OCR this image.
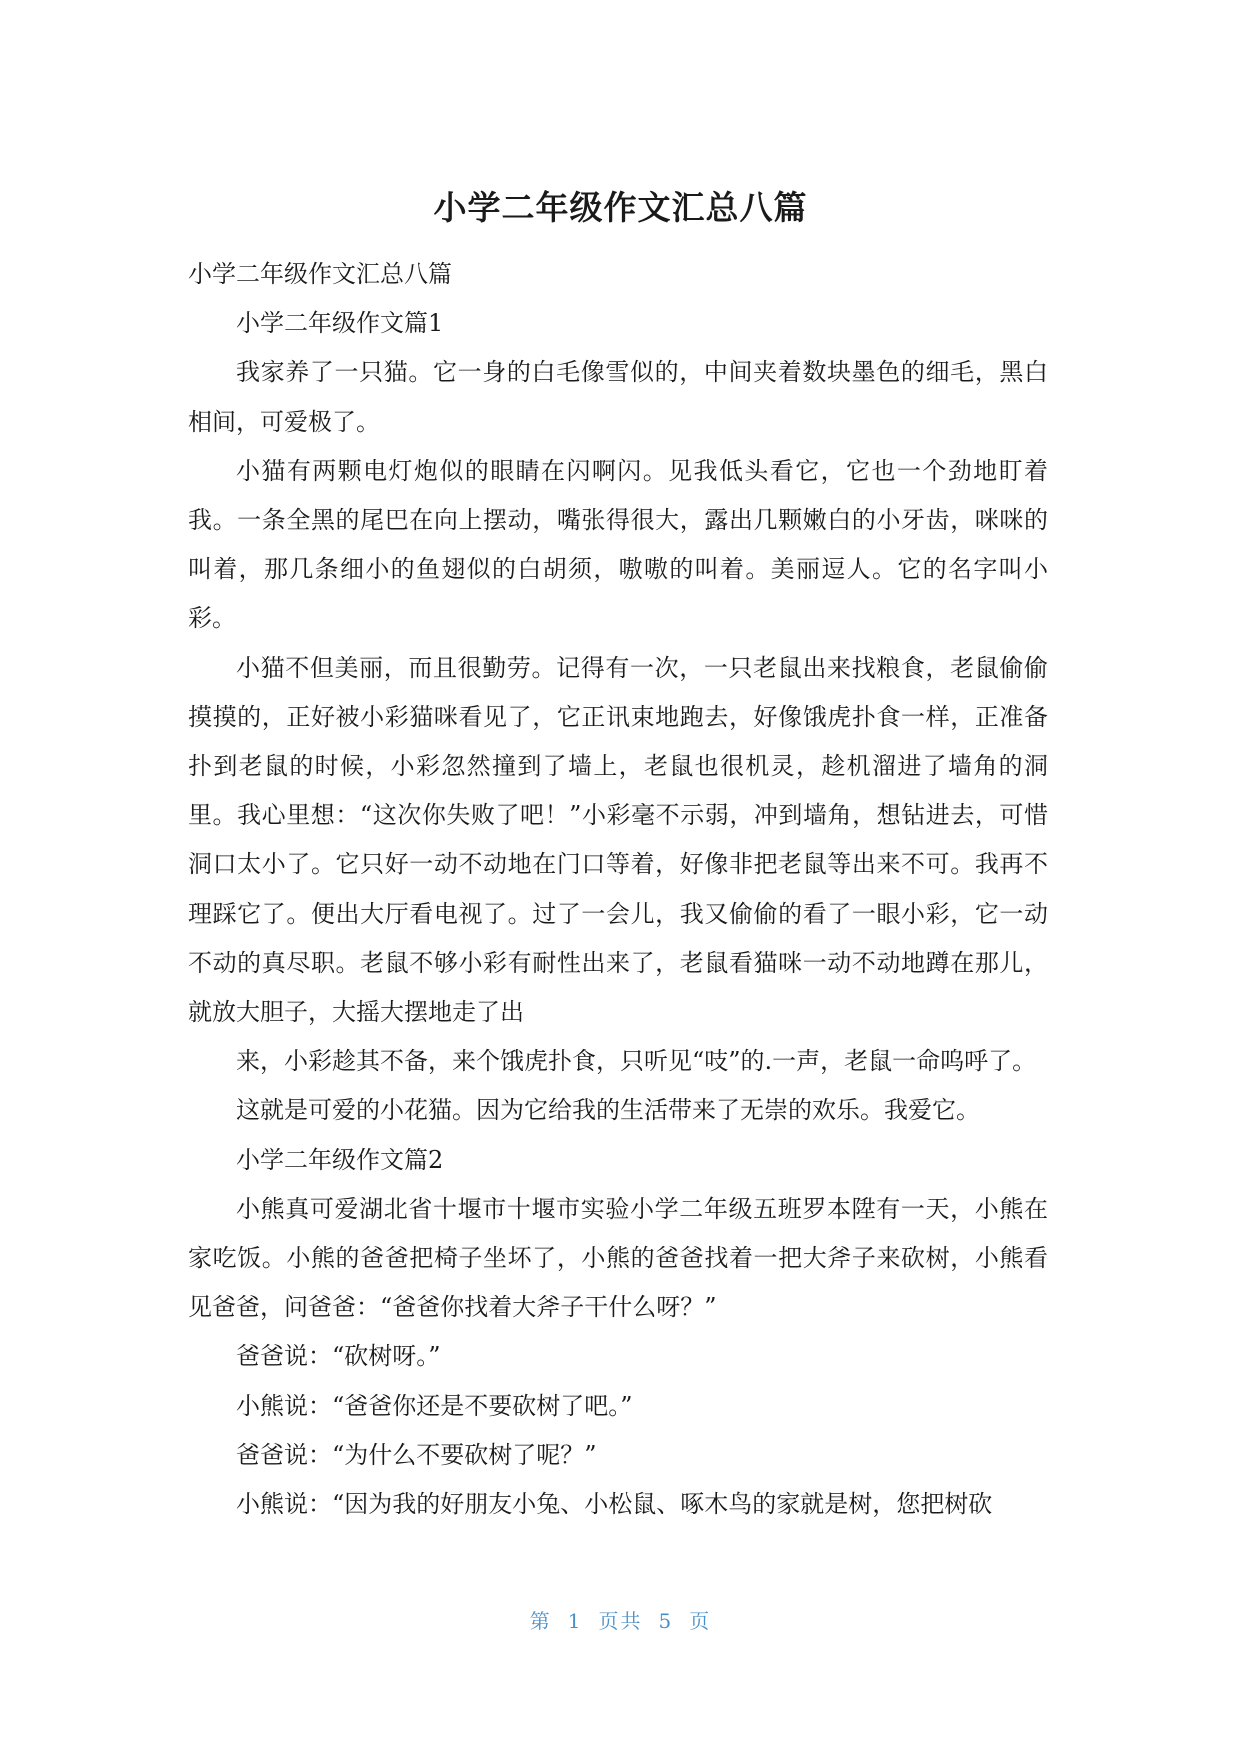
小学二年级作文汇总八篇

小学二年级作文汇总八篇

小学二年级作文篇1

我家养了一只猫。它一身的白毛像雪似的，中间夹着数块墨色的细毛，黑白相间，可爱极了。

小猫有两颗电灯炮似的眼睛在闪啊闪。见我低头看它，它也一个劲地盯着我。一条全黑的尾巴在向上摆动，嘴张得很大，露出几颗嫩白的小牙齿，咪咪的叫着，那几条细小的鱼翅似的白胡须，嗷嗷的叫着。美丽逗人。它的名字叫小彩。

小猫不但美丽，而且很勤劳。记得有一次，一只老鼠出来找粮食，老鼠偷偷摸摸的，正好被小彩猫咪看见了，它正讯束地跑去，好像饿虎扑食一样，正准备扑到老鼠的时候，小彩忽然撞到了墙上，老鼠也很机灵，趁机溜进了墙角的洞里。我心里想：“这次你失败了吧！”小彩毫不示弱，冲到墙角，想钻进去，可惜洞口太小了。它只好一动不动地在门口等着，好像非把老鼠等出来不可。我再不理踩它了。便出大厅看电视了。过了一会儿，我又偷偷的看了一眼小彩，它一动不动的真尽职。老鼠不够小彩有耐性出来了，老鼠看猫咪一动不动地蹲在那儿，就放大胆子，大摇大摆地走了出

来，小彩趁其不备，来个饿虎扑食，只听见“吱”的.一声，老鼠一命呜呼了。

这就是可爱的小花猫。因为它给我的生活带来了无崇的欢乐。我爱它。

小学二年级作文篇2

小熊真可爱湖北省十堰市十堰市实验小学二年级五班罗本陞有一天，小熊在家吃饭。小熊的爸爸把椅子坐坏了，小熊的爸爸找着一把大斧子来砍树，小熊看见爸爸，问爸爸：“爸爸你找着大斧子干什么呀？”

爸爸说：“砍树呀。”

小熊说：“爸爸你还是不要砍树了吧。”

爸爸说：“为什么不要砍树了呢？”

小熊说：“因为我的好朋友小兔、小松鼠、啄木鸟的家就是树，您把树砍

第 1 页共 5 页
